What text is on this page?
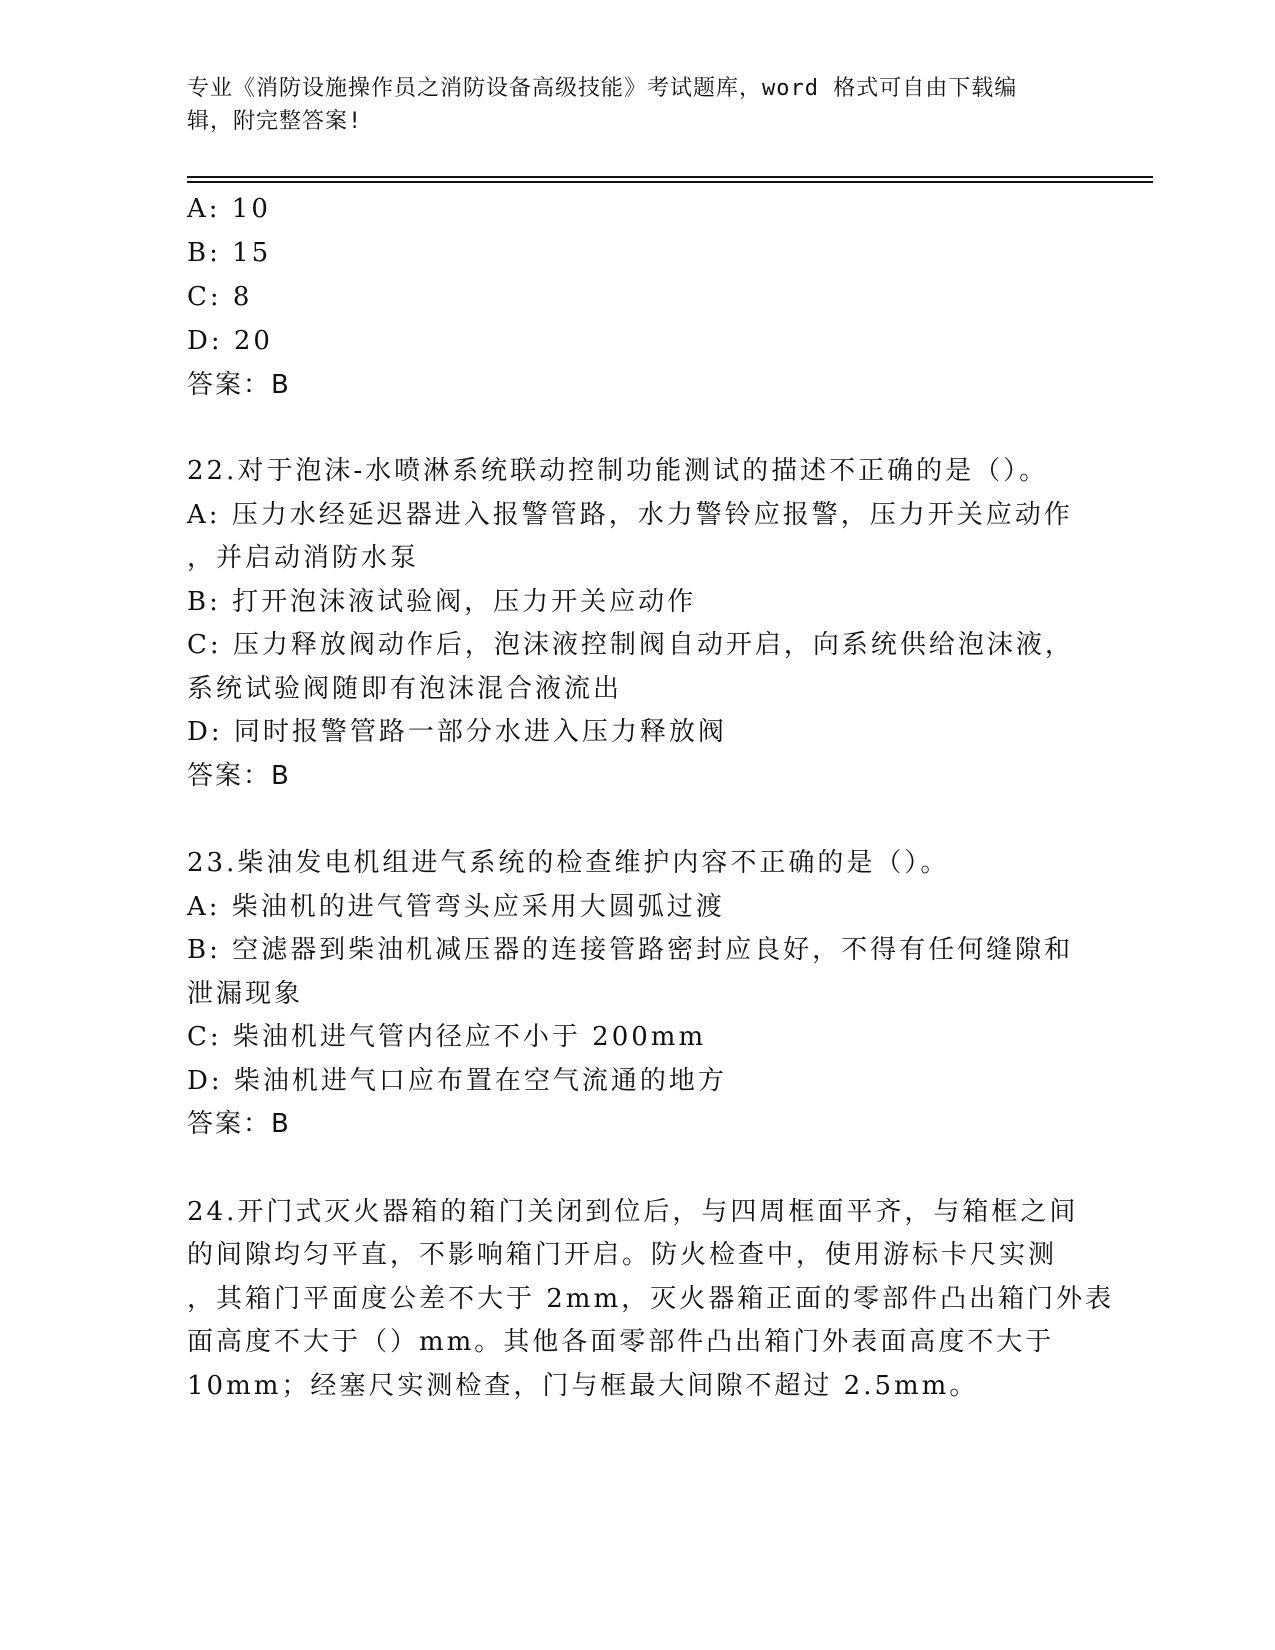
专业《消防设施操作员之消防设备高级技能》考试题库，word 格式可自由下载编
辑，附完整答案!
A: 10
B: 15
C: 8
D: 20
答案：B
22.对于泡沫-水喷淋系统联动控制功能测试的描述不正确的是（）。
A: 压力水经延迟器进入报警管路，水力警铃应报警，压力开关应动作
，并启动消防水泵
B: 打开泡沫液试验阀，压力开关应动作
C: 压力释放阀动作后，泡沫液控制阀自动开启，向系统供给泡沫液，
系统试验阀随即有泡沫混合液流出
D: 同时报警管路一部分水进入压力释放阀
答案：B
23.柴油发电机组进气系统的检查维护内容不正确的是（）。
A: 柴油机的进气管弯头应采用大圆弧过渡
B: 空滤器到柴油机减压器的连接管路密封应良好，不得有任何缝隙和
泄漏现象
C: 柴油机进气管内径应不小于 200mm
D: 柴油机进气口应布置在空气流通的地方
答案：B
24.开门式灭火器箱的箱门关闭到位后，与四周框面平齐，与箱框之间
的间隙均匀平直，不影响箱门开启。防火检查中，使用游标卡尺实测
，其箱门平面度公差不大于 2mm，灭火器箱正面的零部件凸出箱门外表
面高度不大于（）mm。其他各面零部件凸出箱门外表面高度不大于
10mm；经塞尺实测检查，门与框最大间隙不超过 2.5mm。
